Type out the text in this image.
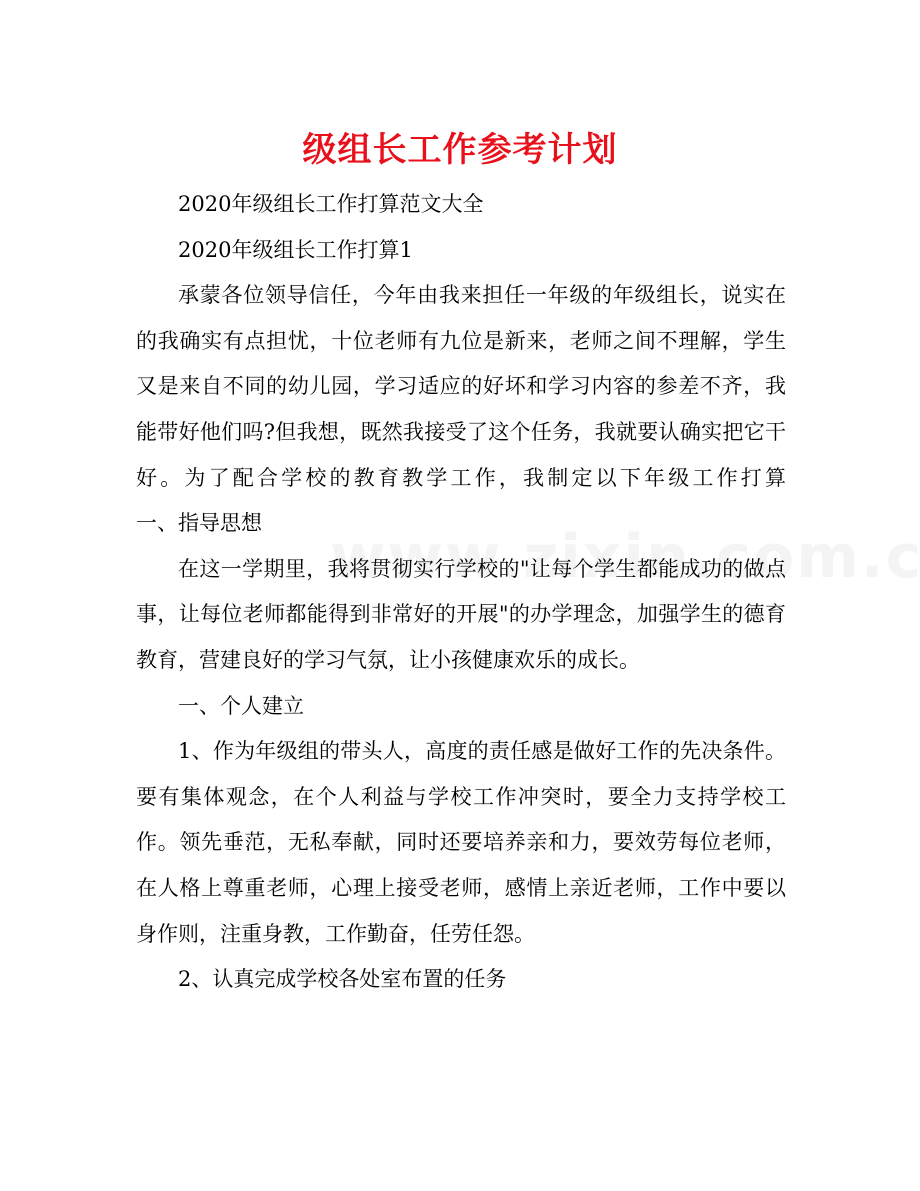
级组长工作参考计划

2020年级组长工作打算范文大全

2020年级组长工作打算1

承蒙各位领导信任，今年由我来担任一年级的年级组长，说实在的我确实有点担忧，十位老师有九位是新来，老师之间不理解，学生又是来自不同的幼儿园，学习适应的好坏和学习内容的参差不齐，我能带好他们吗?但我想，既然我接受了这个任务，我就要认确实把它干好。为了配合学校的教育教学工作，我制定以下年级工作打算　　一、指导思想

在这一学期里，我将贯彻实行学校的"让每个学生都能成功的做点事，让每位老师都能得到非常好的开展"的办学理念，加强学生的德育教育，营建良好的学习气氛，让小孩健康欢乐的成长。

一、个人建立

1、作为年级组的带头人，高度的责任感是做好工作的先决条件。要有集体观念，在个人利益与学校工作冲突时，要全力支持学校工作。领先垂范，无私奉献，同时还要培养亲和力，要效劳每位老师，在人格上尊重老师，心理上接受老师，感情上亲近老师，工作中要以身作则，注重身教，工作勤奋，任劳任怨。

2、认真完成学校各处室布置的任务
